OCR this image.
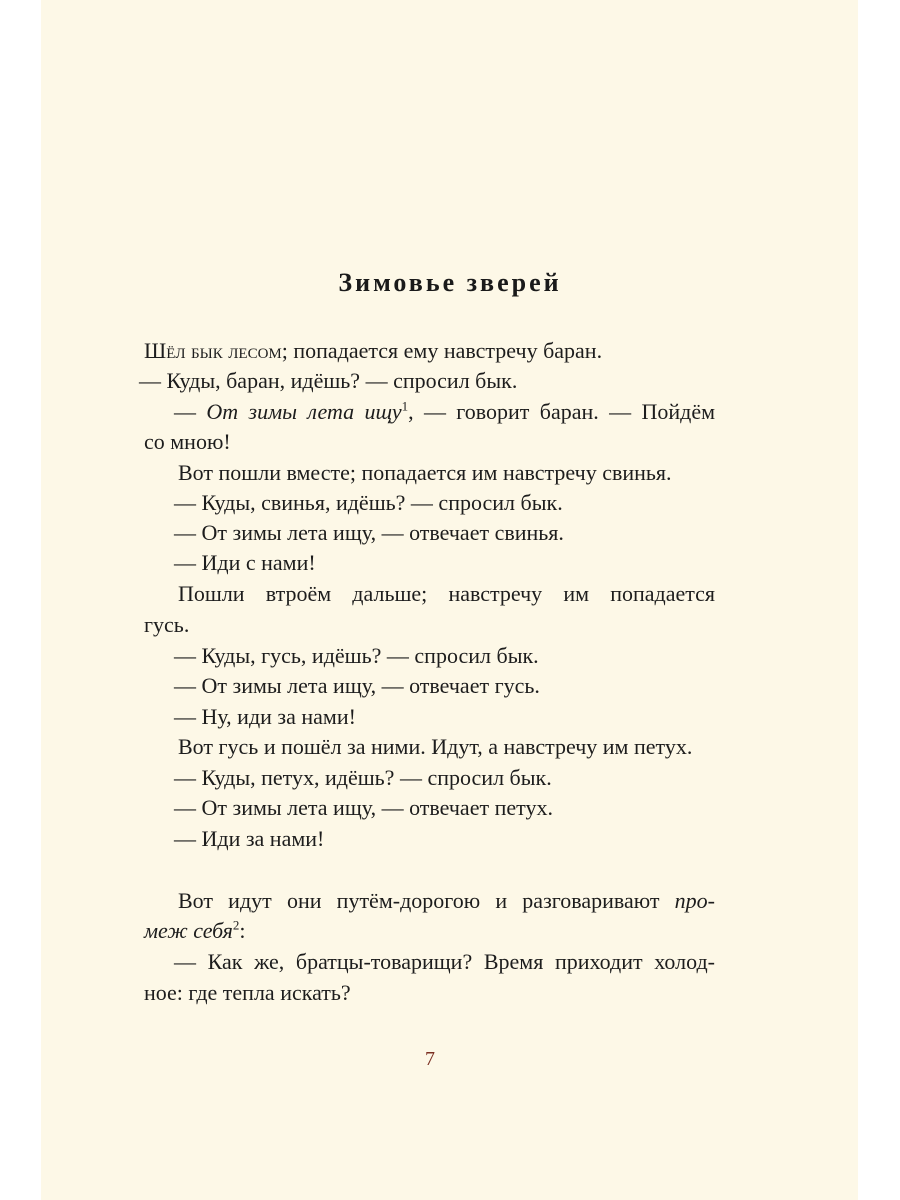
Зимовье зверей
Шёл бык лесом; попадается ему навстречу баран.
— Куды, баран, идёшь? — спросил бык.
— От зимы лета ищу$^1$, — говорит баран. — Пойдём
со мною!
Вот пошли вместе; попадается им навстречу свинья.
— Куды, свинья, идёшь? — спросил бык.
— От зимы лета ищу, — отвечает свинья.
— Иди с нами!
Пошли втроём дальше; навстречу им попадается
гусь.
— Куды, гусь, идёшь? — спросил бык.
— От зимы лета ищу, — отвечает гусь.
— Ну, иди за нами!
Вот гусь и пошёл за ними. Идут, а навстречу им петух.
— Куды, петух, идёшь? — спросил бык.
— От зимы лета ищу, — отвечает петух.
— Иди за нами!
Вот идут они путём-дорогою и разговаривают про-
меж себя$^2$:
— Как же, братцы-товарищи? Время приходит холод-
ное: где тепла искать?
7
